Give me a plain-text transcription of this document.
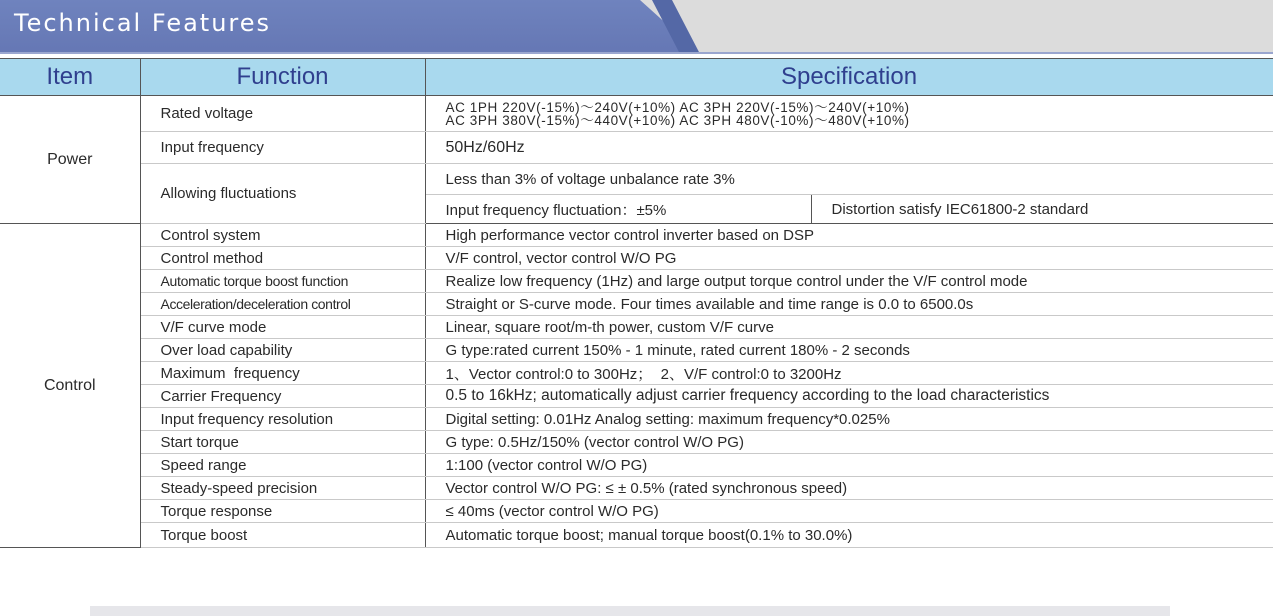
Technical Features
Item	Function	Specification	
Power	Rated voltage	AC 1PH 220V(-15%)～240V(+10%) AC 3PH 220V(-15%)～240V(+10%)
AC 3PH 380V(-15%)～440V(+10%) AC 3PH 480V(-10%)～480V(+10%)	

	Input frequency	50Hz/60Hz	
	Allowing fluctuations	Less than 3% of voltage unbalance rate 3%	
		Input frequency fluctuation：±5%	Distortion satisfy IEC61800-2 standard
Control	Control system	High performance vector control inverter based on DSP	
	Control method	V/F control, vector control W/O PG	
	Automatic torque boost function	Realize low frequency (1Hz) and large output torque control under the V/F control mode	
	Acceleration/deceleration control	Straight or S-curve mode. Four times available and time range is 0.0 to 6500.0s	
	V/F curve mode	Linear, square root/m-th power, custom V/F curve	
	Over load capability	G type:rated current 150% - 1 minute, rated current 180% - 2 seconds	
	Maximum  frequency	1、Vector control:0 to 300Hz；  2、V/F control:0 to 3200Hz	
	Carrier Frequency	0.5 to 16kHz; automatically adjust carrier frequency according to the load characteristics	
	Input frequency resolution	Digital setting: 0.01Hz Analog setting: maximum frequency*0.025%	
	Start torque	G type: 0.5Hz/150% (vector control W/O PG)	
	Speed range	1:100 (vector control W/O PG)	
	Steady-speed precision	Vector control W/O PG: ≤ ± 0.5% (rated synchronous speed)	
	Torque response	≤ 40ms (vector control W/O PG)	
	Torque boost	Automatic torque boost; manual torque boost(0.1% to 30.0%)	
